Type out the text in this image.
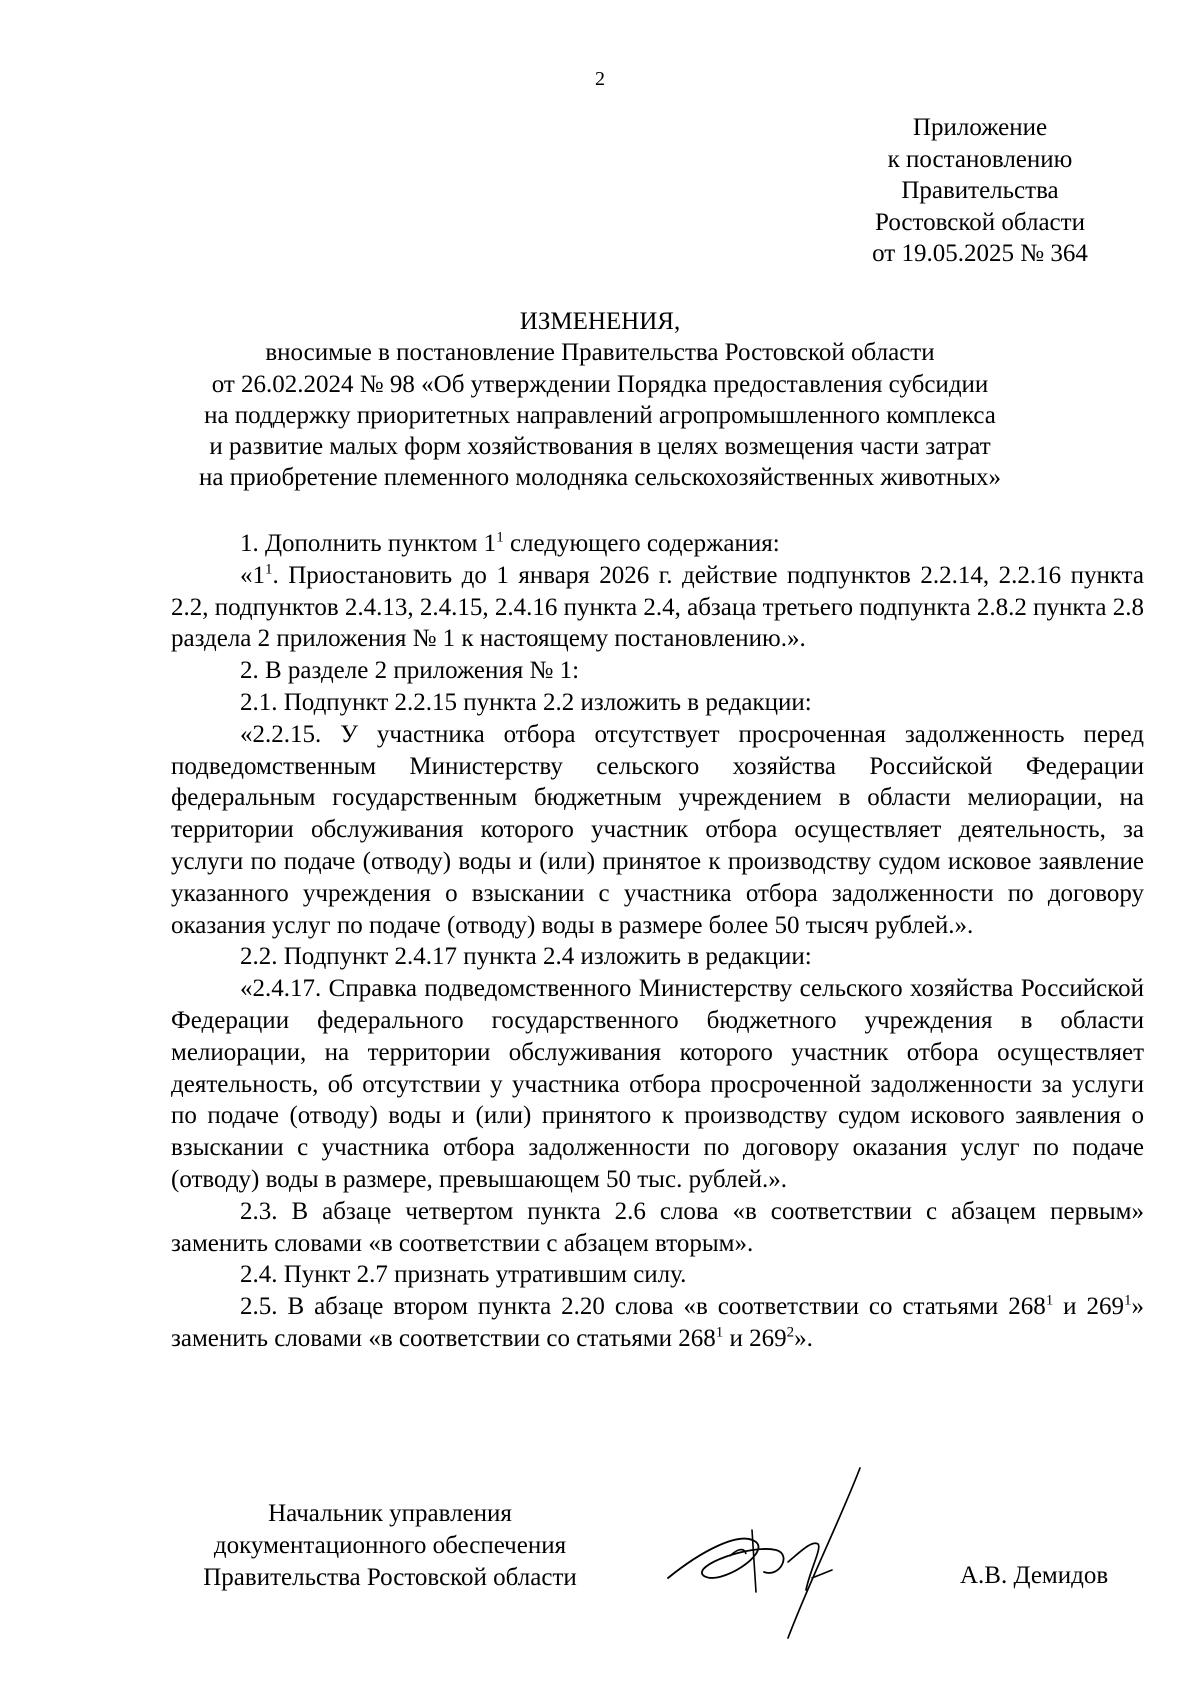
2
Приложение
к постановлению
Правительства
Ростовской области
от 19.05.2025 № 364
ИЗМЕНЕНИЯ,
вносимые в постановление Правительства Ростовской области
от 26.02.2024 № 98 «Об утверждении Порядка предоставления субсидии
на поддержку приоритетных направлений агропромышленного комплекса
и развитие малых форм хозяйствования в целях возмещения части затрат
на приобретение племенного молодняка сельскохозяйственных животных»

1. Дополнить пунктом $1^1$ следующего содержания:

«$1^1$. Приостановить до 1 января 2026 г. действие подпунктов 2.2.14, 2.2.16 пункта 2.2, подпунктов 2.4.13, 2.4.15, 2.4.16 пункта 2.4, абзаца третьего подпункта 2.8.2 пункта 2.8 раздела 2 приложения № 1 к настоящему постановлению.».

2. В разделе 2 приложения № 1:

2.1. Подпункт 2.2.15 пункта 2.2 изложить в редакции:

«2.2.15. У участника отбора отсутствует просроченная задолженность перед подведомственным Министерству сельского хозяйства Российской Федерации федеральным государственным бюджетным учреждением в области мелиорации, на территории обслуживания которого участник отбора осуществляет деятельность, за услуги по подаче (отводу) воды и (или) принятое к производству судом исковое заявление указанного учреждения о взыскании с участника отбора задолженности по договору оказания услуг по подаче (отводу) воды в размере более 50 тысяч рублей.».

2.2. Подпункт 2.4.17 пункта 2.4 изложить в редакции:

«2.4.17. Справка подведомственного Министерству сельского хозяйства Российской Федерации федерального государственного бюджетного учреждения в области мелиорации, на территории обслуживания которого участник отбора осуществляет деятельность, об отсутствии у участника отбора просроченной задолженности за услуги по подаче (отводу) воды и (или) принятого к производству судом искового заявления о взыскании с участника отбора задолженности по договору оказания услуг по подаче (отводу) воды в размере, превышающем 50 тыс. рублей.».

2.3. В абзаце четвертом пункта 2.6 слова «в соответствии с абзацем первым» заменить словами «в соответствии с абзацем вторым».

2.4. Пункт 2.7 признать утратившим силу.

2.5. В абзаце втором пункта 2.20 слова «в соответствии со статьями $268^1$ и $269^1$» заменить словами «в соответствии со статьями $268^1$ и $269^2$».

Начальник управления
документационного обеспечения
Правительства Ростовской области	А.В. Демидов
